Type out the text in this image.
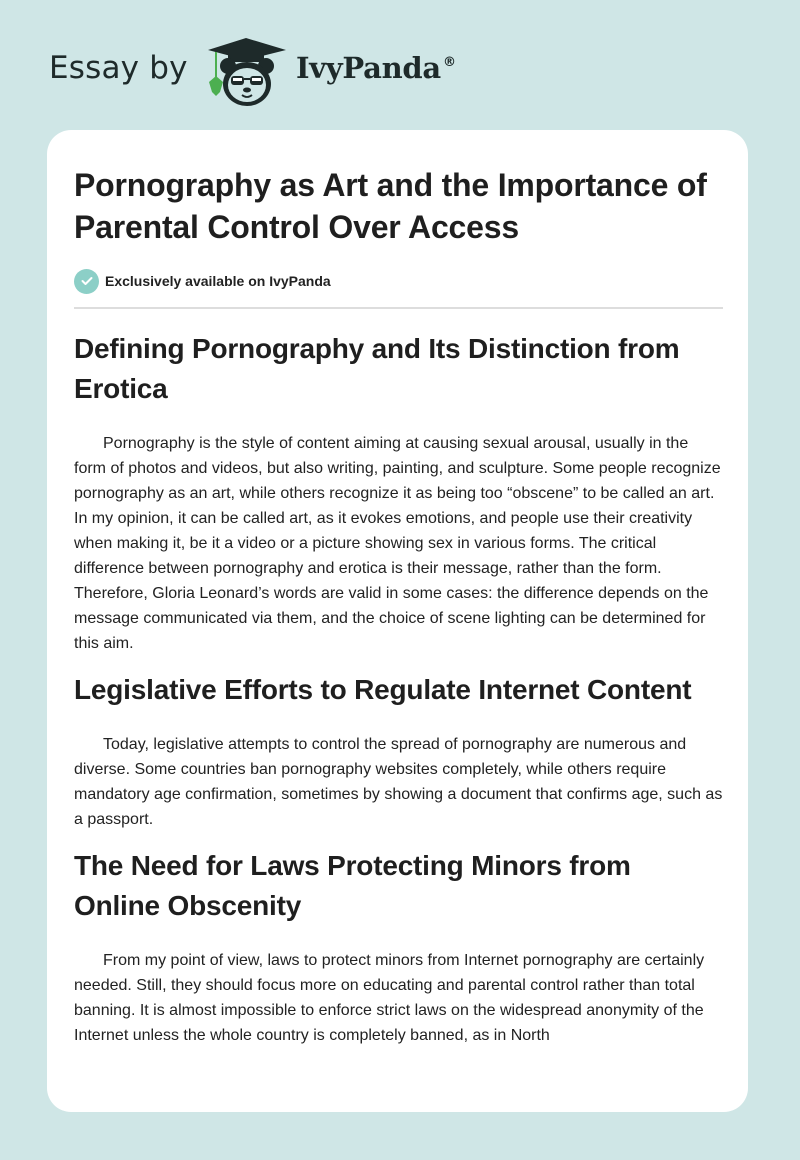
Essay by	IvyPanda ®
Pornography as Art and the Importance of Parental Control Over Access
Exclusively available on IvyPanda
Defining Pornography and Its Distinction from Erotica

Pornography is the style of content aiming at causing sexual arousal, usually in the form of photos and videos, but also writing, painting, and sculpture. Some people recognize pornography as an art, while others recognize it as being too “obscene” to be called an art. In my opinion, it can be called art, as it evokes emotions, and people use their creativity when making it, be it a video or a picture showing sex in various forms. The critical difference between pornography and erotica is their message, rather than the form. Therefore, Gloria Leonard’s words are valid in some cases: the difference depends on the message communicated via them, and the choice of scene lighting can be determined for this aim.

Legislative Efforts to Regulate Internet Content

Today, legislative attempts to control the spread of pornography are numerous and diverse. Some countries ban pornography websites completely, while others require mandatory age confirmation, sometimes by showing a document that confirms age, such as a passport.

The Need for Laws Protecting Minors from Online Obscenity

From my point of view, laws to protect minors from Internet pornography are certainly needed. Still, they should focus more on educating and parental control rather than total banning. It is almost impossible to enforce strict laws on the widespread anonymity of the Internet unless the whole country is completely banned, as in North
